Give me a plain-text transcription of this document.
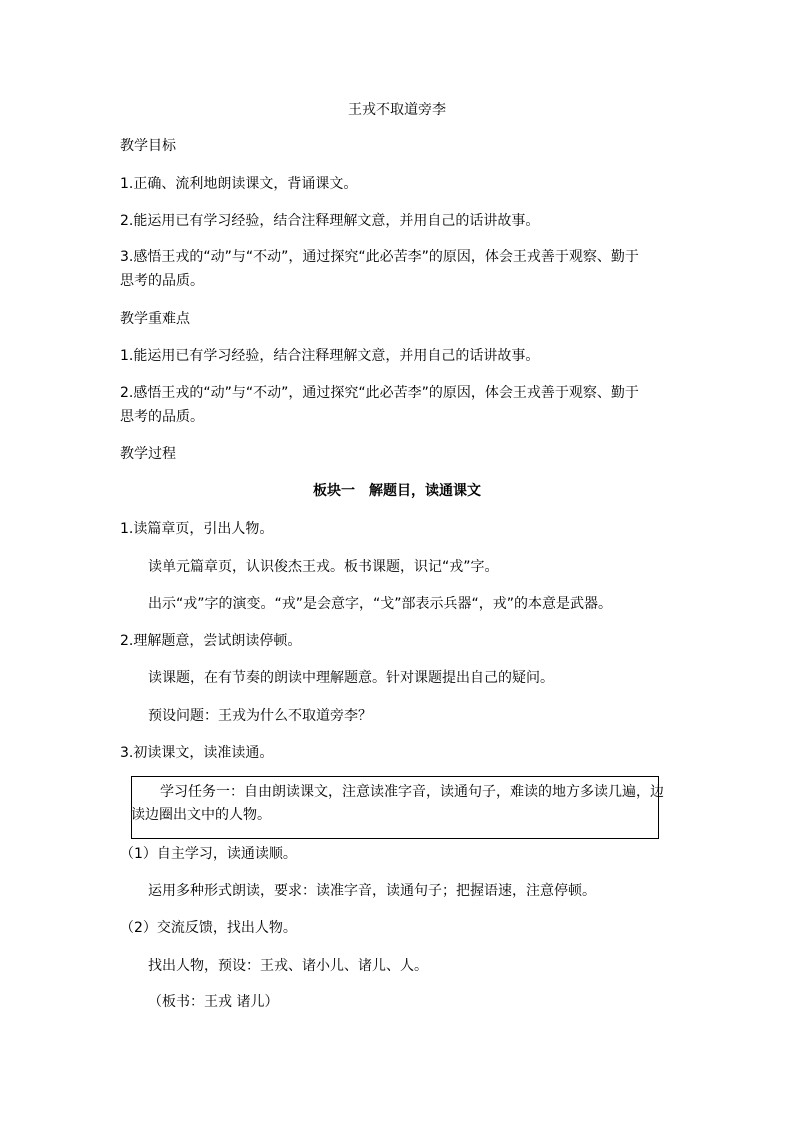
王戎不取道旁李
教学目标
1.正确、流利地朗读课文，背诵课文。
2.能运用已有学习经验，结合注释理解文意，并用自己的话讲故事。
3.感悟王戎的“动”与“不动”，通过探究“此必苦李”的原因，体会王戎善于观察、勤于
思考的品质。
教学重难点
1.能运用已有学习经验，结合注释理解文意，并用自己的话讲故事。
2.感悟王戎的“动”与“不动”，通过探究“此必苦李”的原因，体会王戎善于观察、勤于
思考的品质。
教学过程
板块一　解题目，读通课文
1.读篇章页，引出人物。
读单元篇章页，认识俊杰王戎。板书课题，识记“戎”字。
出示“戎”字的演变。“戎”是会意字，“戈”部表示兵器“，戎”的本意是武器。
2.理解题意，尝试朗读停顿。
读课题，在有节奏的朗读中理解题意。针对课题提出自己的疑问。
预设问题：王戎为什么不取道旁李？
3.初读课文，读准读通。
学习任务一：自由朗读课文，注意读准字音，读通句子，难读的地方多读几遍，边
读边圈出文中的人物。
（1）自主学习，读通读顺。
运用多种形式朗读，要求：读准字音，读通句子；把握语速，注意停顿。
（2）交流反馈，找出人物。
找出人物，预设：王戎、诸小儿、诸儿、人。
（板书：王戎 诸儿）
